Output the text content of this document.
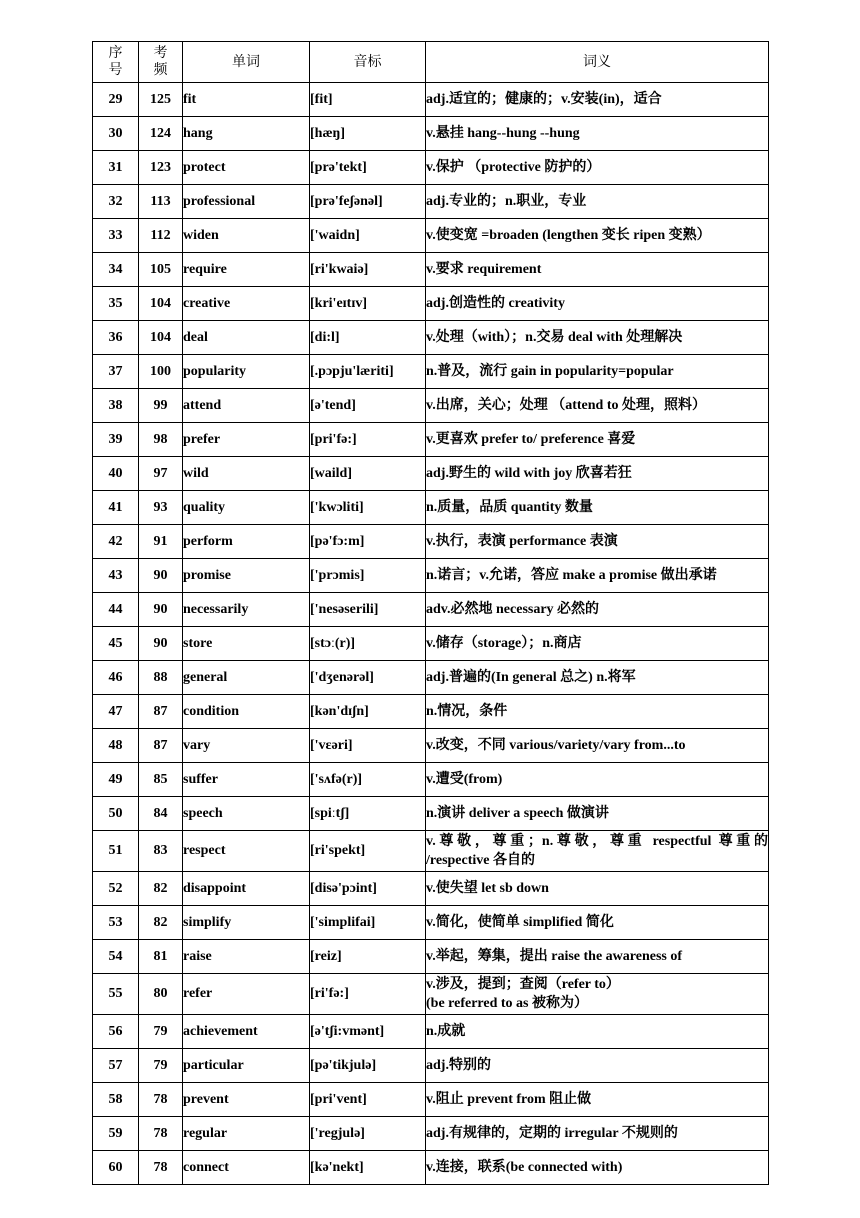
序号	考频	单词	音标	词义
29	125	fit	[fit]	adj.适宜的；健康的；v.安装(in)，适合
30	124	hang	[hæŋ]	v.悬挂 hang--hung --hung
31	123	protect	[prə'tekt]	v.保护 （protective 防护的）
32	113	professional	[prə'feʃənəl]	adj.专业的；n.职业，专业
33	112	widen	['waidn]	v.使变宽 =broaden (lengthen 变长 ripen 变熟）
34	105	require	[ri'kwaiə]	v.要求 requirement
35	104	creative	[kri'eɪtɪv]	adj.创造性的 creativity
36	104	deal	[di:l]	v.处理（with）；n.交易 deal with 处理解决
37	100	popularity	[.pɔpju'læriti]	n.普及，流行 gain in popularity=popular
38	99	attend	[ə'tend]	v.出席，关心；处理 （attend to 处理，照料）
39	98	prefer	[pri'fə:]	v.更喜欢 prefer to/ preference 喜爱
40	97	wild	[waild]	adj.野生的 wild with joy 欣喜若狂
41	93	quality	['kwɔliti]	n.质量，品质 quantity 数量
42	91	perform	[pə'fɔ:m]	v.执行，表演 performance 表演
43	90	promise	['prɔmis]	n.诺言；v.允诺，答应 make a promise 做出承诺
44	90	necessarily	['nesəserili]	adv.必然地 necessary 必然的
45	90	store	[stɔː(r)]	v.储存（storage）；n.商店
46	88	general	['dʒenərəl]	adj.普遍的(In general 总之) n.将军
47	87	condition	[kən'dɪʃn]	n.情况，条件
48	87	vary	['vɛəri]	v.改变，不同 various/variety/vary from...to
49	85	suffer	['sʌfə(r)]	v.遭受(from)
50	84	speech	[spiːtʃ]	n.演讲 deliver a speech 做演讲
51	83	respect	[ri'spekt]	v.尊敬，尊重；n.尊敬，尊重 respectful 尊重的 /respective 各自的
52	82	disappoint	[disə'pɔint]	v.使失望 let sb down
53	82	simplify	['simplifai]	v.简化，使简单 simplified 简化
54	81	raise	[reiz]	v.举起，筹集，提出 raise the awareness of
55	80	refer	[ri'fə:]	v.涉及，提到；查阅（refer to）
(be referred to as 被称为）
56	79	achievement	[ə'tʃi:vmənt]	n.成就
57	79	particular	[pə'tikjulə]	adj.特别的
58	78	prevent	[pri'vent]	v.阻止 prevent from 阻止做
59	78	regular	['regjulə]	adj.有规律的，定期的 irregular 不规则的
60	78	connect	[kə'nekt]	v.连接，联系(be connected with)
